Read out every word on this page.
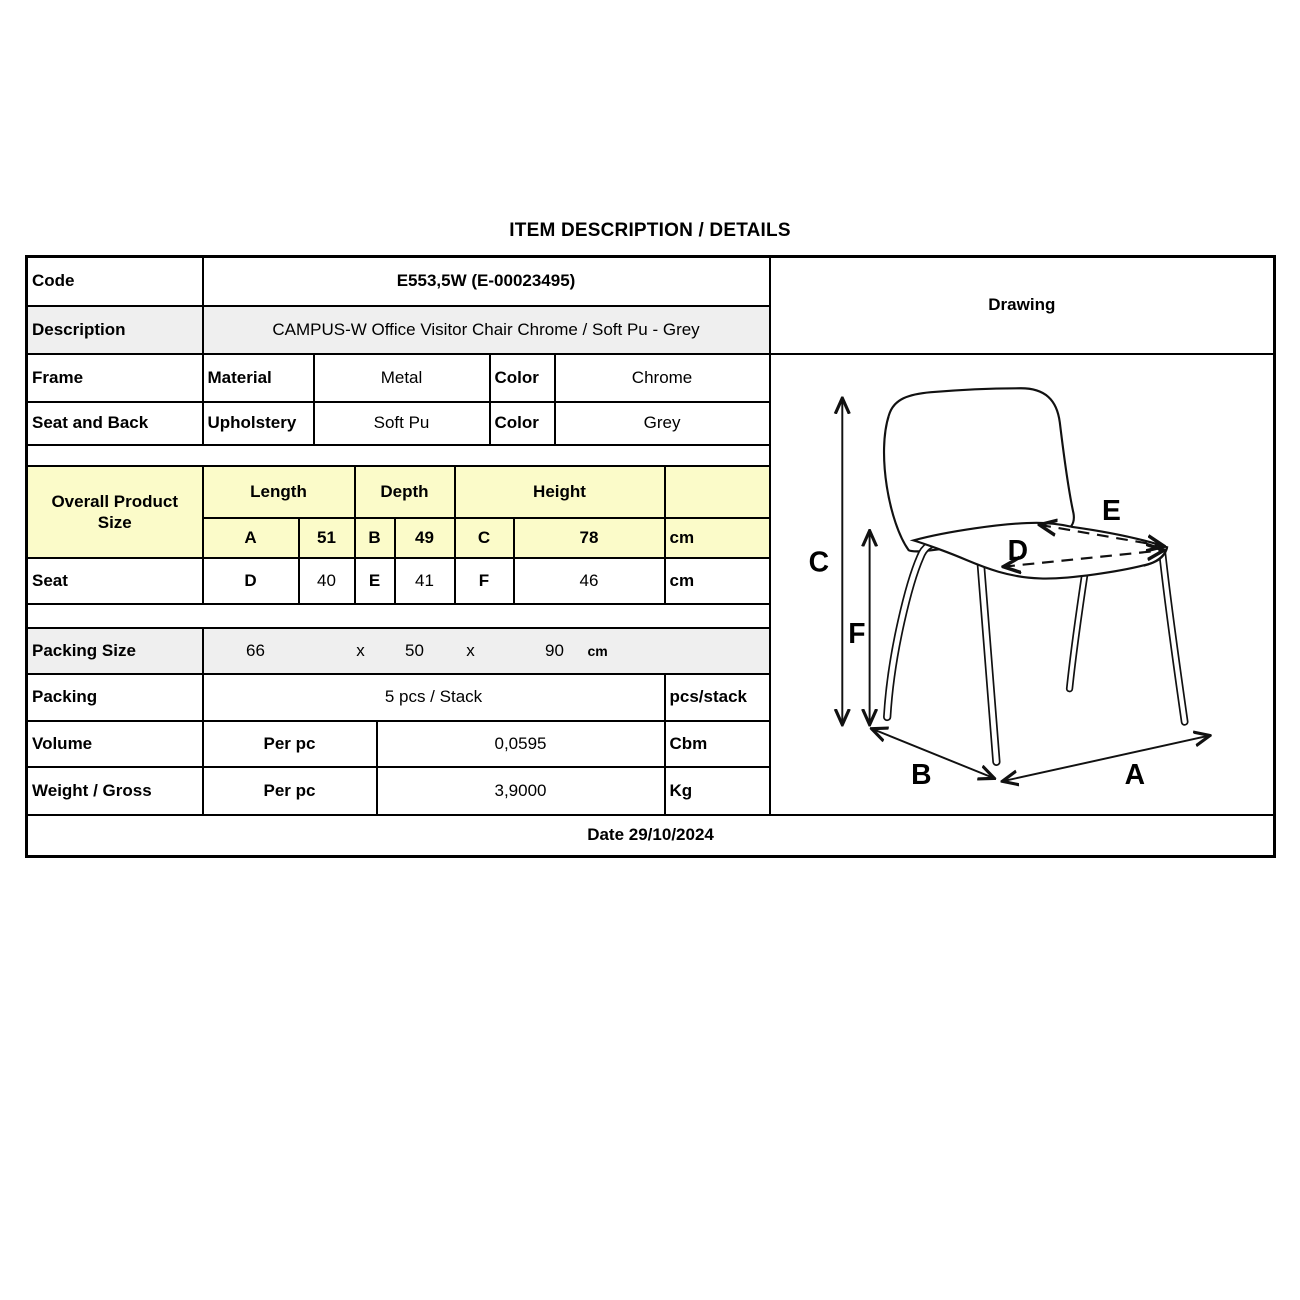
ITEM DESCRIPTION / DETAILS
Code	E553,5W (E-00023495)											Drawing
Description	CAMPUS-W Office Visitor Chair Chrome / Soft Pu - Grey											
Frame	Material	Metal	Color	Chrome	
C
F
B	A
E
D

Seat and Back	Upholstery		Soft Pu					Color		Grey		

Overall Product
Size	Length			Depth			Height					
	A	51		B		49	C		78		cm	
Seat	D	40		E		41	F		46		cm	

Packing Size	66	x 50 x	90 cm

Packing	5 pcs / Stack										pcs/stack	
Volume	Per pc				0,0595						Cbm	
Weight / Gross	Per pc				3,9000						Kg	
Date 29/10/2024												
